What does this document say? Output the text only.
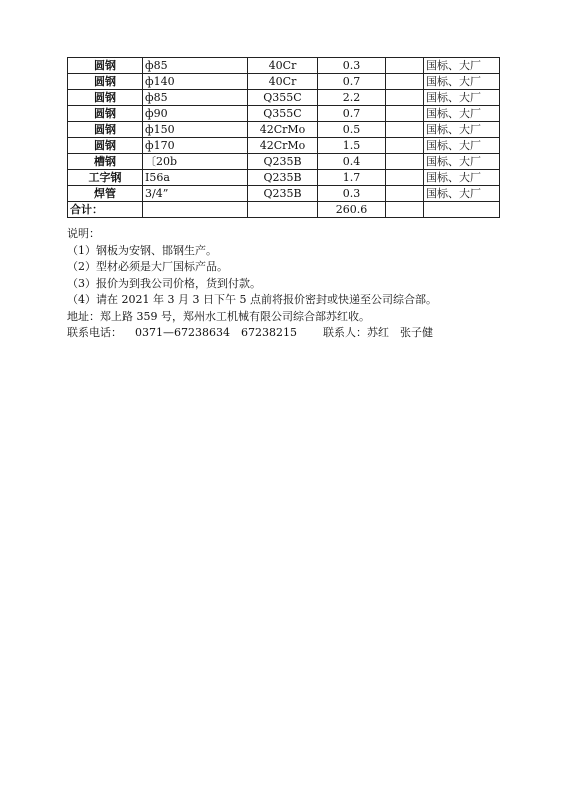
圆钢	ф85	40Cr	0.3		国标、大厂
圆钢	ф140	40Cr	0.7		国标、大厂
圆钢	ф85	Q355C	2.2		国标、大厂
圆钢	ф90	Q355C	0.7		国标、大厂
圆钢	ф150	42CrMo	0.5		国标、大厂
圆钢	ф170	42CrMo	1.5		国标、大厂
槽钢	〔20b	Q235B	0.4		国标、大厂
工字钢	I56a	Q235B	1.7		国标、大厂
焊管	3/4”	Q235B	0.3		国标、大厂
合计：			260.6		
说明：
（1）钢板为安钢、邯钢生产。
（2）型材必须是大厂国标产品。
（3）报价为到我公司价格，货到付款。
（4）请在 2021 年 3 月 3 日下午 5 点前将报价密封或快递至公司综合部。
地址：郑上路 359 号，郑州水工机械有限公司综合部苏红收。
联系电话： 0371—67238634　67238215 联系人：苏红　张子健
